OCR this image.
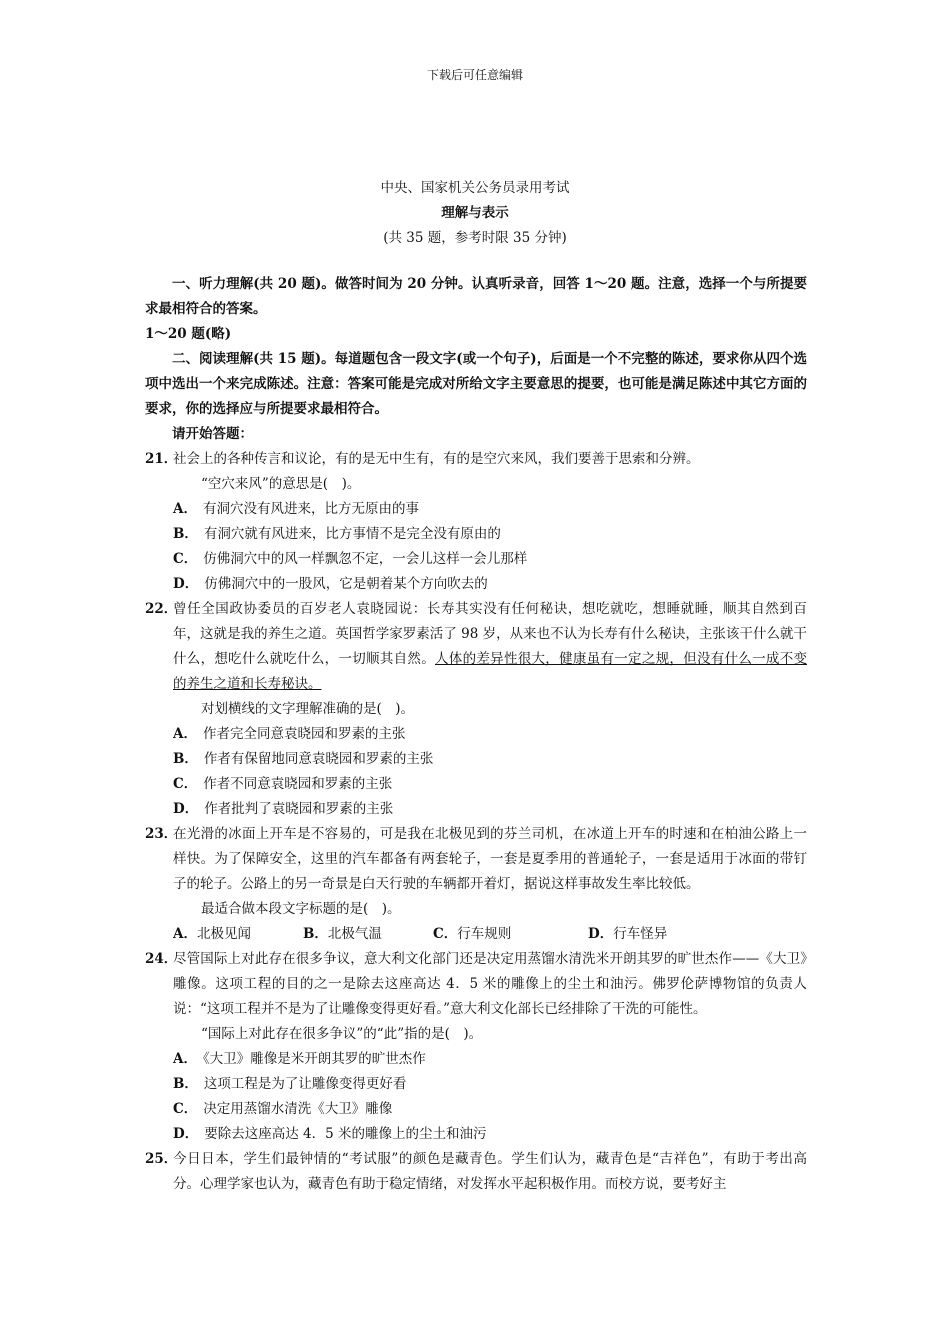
下载后可任意编辑
中央、国家机关公务员录用考试
理解与表示
(共 35 题，参考时限 35 分钟)
一、听力理解(共 20 题)。做答时间为 20 分钟。认真听录音，回答 1～20 题。注意，选择一个与所提要求最相符合的答案。
1～20 题(略)
二、阅读理解(共 15 题)。每道题包含一段文字(或一个句子)，后面是一个不完整的陈述，要求你从四个选项中选出一个来完成陈述。注意：答案可能是完成对所给文字主要意思的提要，也可能是满足陈述中其它方面的要求，你的选择应与所提要求最相符合。
请开始答题：
21．
社会上的各种传言和议论，有的是无中生有，有的是空穴来风，我们要善于思索和分辨。
“空穴来风”的意思是(　)。
A． 有洞穴没有风进来，比方无原由的事
B． 有洞穴就有风进来，比方事情不是完全没有原由的
C． 仿佛洞穴中的风一样飘忽不定，一会儿这样一会儿那样
D． 仿佛洞穴中的一股风，它是朝着某个方向吹去的
22．
曾任全国政协委员的百岁老人袁晓园说：长寿其实没有任何秘诀，想吃就吃，想睡就睡，顺其自然到百年，这就是我的养生之道。英国哲学家罗素活了 98 岁，从来也不认为长寿有什么秘诀，主张该干什么就干什么，想吃什么就吃什么，一切顺其自然。人体的差异性很大，健康虽有一定之规，但没有什么一成不变的养生之道和长寿秘诀。
对划横线的文字理解准确的是(　)。
A． 作者完全同意袁晓园和罗素的主张
B． 作者有保留地同意袁晓园和罗素的主张
C． 作者不同意袁晓园和罗素的主张
D． 作者批判了袁晓园和罗素的主张
23．
在光滑的冰面上开车是不容易的，可是我在北极见到的芬兰司机，在冰道上开车的时速和在柏油公路上一样快。为了保障安全，这里的汽车都备有两套轮子，一套是夏季用的普通轮子，一套是适用于冰面的带钉子的轮子。公路上的另一奇景是白天行驶的车辆都开着灯，据说这样事故发生率比较低。
最适合做本段文字标题的是(　)。
A．北极见闻	B．北极气温	C．行车规则	D．行车怪异
24．
尽管国际上对此存在很多争议，意大利文化部门还是决定用蒸馏水清洗米开朗其罗的旷世杰作——《大卫》雕像。这项工程的目的之一是除去这座高达 4．5 米的雕像上的尘土和油污。佛罗伦萨博物馆的负责人说：“这项工程并不是为了让雕像变得更好看。”意大利文化部长已经排除了干洗的可能性。
“国际上对此存在很多争议”的“此”指的是(　)。
A． 《大卫》雕像是米开朗其罗的旷世杰作
B． 这项工程是为了让雕像变得更好看
C． 决定用蒸馏水清洗《大卫》雕像
D． 要除去这座高达 4．5 米的雕像上的尘土和油污
25．
今日日本，学生们最钟情的“考试服”的颜色是藏青色。学生们认为，藏青色是“吉祥色”，有助于考出高分。心理学家也认为，藏青色有助于稳定情绪，对发挥水平起积极作用。而校方说，要考好主
